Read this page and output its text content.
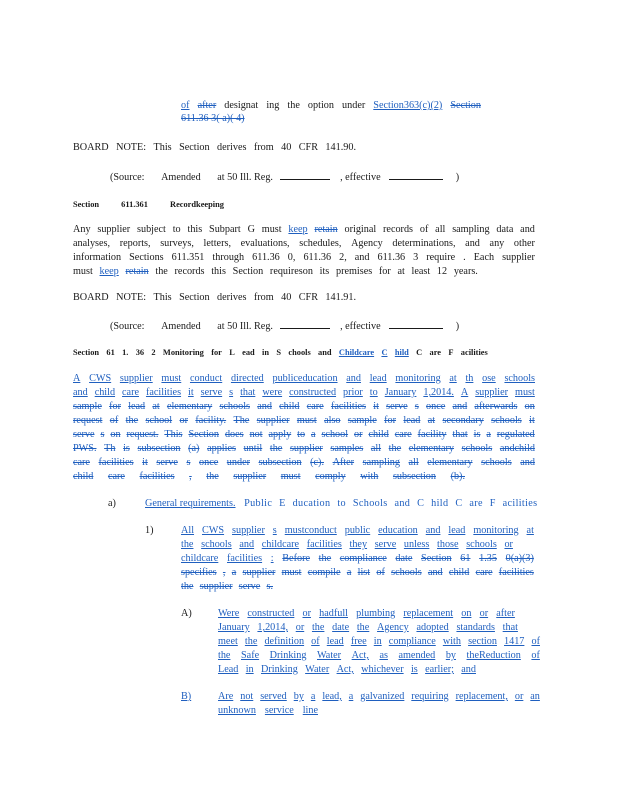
of after designat ing the option under Section363(c)(2) Section
611.36 3( a)( 4)
BOARD NOTE: This Section derives from 40 CFR 141.90.
(Source: Amended at 50 Ill. Reg.	, effective	)
Section	611.361	Recordkeeping
Any supplier subject to this Subpart G must keep retain original records of all sampling data and
analyses, reports, surveys, letters, evaluations, schedules, Agency determinations, and any other
information Sections 611.351 through 611.36 0, 611.36 2, and 611.36 3 require . Each supplier
must keep retain the records this Section requireson its premises for at least 12 years.
BOARD NOTE: This Section derives from 40 CFR 141.91.
(Source: Amended at 50 Ill. Reg.	, effective	)
Section 61 1. 36 2 Monitoring for L ead in S chools and Childcare C hild C are F acilities
A CWS supplier must conduct directed publiceducation and lead monitoring at th ose schools
and child care facilities it serve s that were constructed prior to January 1,2014. A supplier must
sample for lead at elementary schools and child care facilities it serve s once and afterwards on
request of the school or facility. The supplier must also sample for lead at secondary schools it
serve s on request. This Section does not apply to a school or child care facility that is a regulated
PWS. Th is subsection (a) applies until the supplier samples all the elementary schools andchild
care facilities it serve s once under subsection (c). After sampling all elementary schools and
child care facilities , the supplier must comply with subsection (b).
a)	General requirements. Public E ducation to Schools and C hild C are F acilities
1)	All CWS supplier s mustconduct public education and lead monitoring at
the schools and childcare facilities they serve unless those schools or
childcare facilities : Before the compliance date Section 61 1.35 0(a)(3)
specifies , a supplier must compile a list of schools and child care facilities
the supplier serve s.
A)	Were constructed or hadfull plumbing replacement on or after
January 1,2014, or the date the Agency adopted standards that
meet the definition of lead free in compliance with section 1417 of
the Safe Drinking Water Act, as amended by theReduction of
Lead in Drinking Water Act, whichever is earlier; and
B)	Are not served by a lead, a galvanized requiring replacement, or an
unknown service line
